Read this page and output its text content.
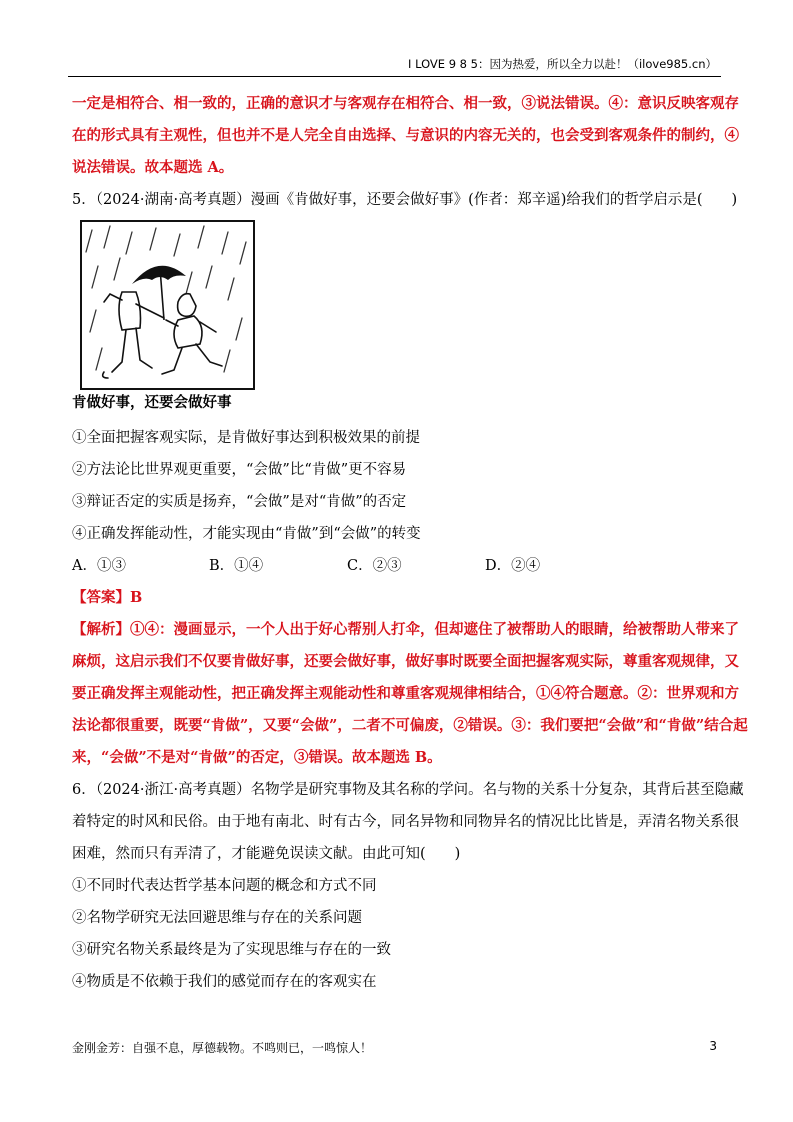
I LOVE 9 8 5：因为热爱，所以全力以赴！（ilove985.cn）
一定是相符合、相一致的，正确的意识才与客观存在相符合、相一致，③说法错误。④：意识反映客观存
在的形式具有主观性，但也并不是人完全自由选择、与意识的内容无关的，也会受到客观条件的制约，④
说法错误。故本题选 A。
5．（2024·湖南·高考真题）漫画《肯做好事，还要会做好事》(作者：郑辛遥)给我们的哲学启示是(　　)
肯做好事，还要会做好事
①全面把握客观实际，是肯做好事达到积极效果的前提
②方法论比世界观更重要，“会做”比“肯做”更不容易
③辩证否定的实质是扬弃，“会做”是对“肯做”的否定
④正确发挥能动性，才能实现由“肯做”到“会做”的转变
A．①③	B．①④	C．②③	D．②④
【答案】B
【解析】①④：漫画显示，一个人出于好心帮别人打伞，但却遮住了被帮助人的眼睛，给被帮助人带来了
麻烦，这启示我们不仅要肯做好事，还要会做好事，做好事时既要全面把握客观实际，尊重客观规律，又
要正确发挥主观能动性，把正确发挥主观能动性和尊重客观规律相结合，①④符合题意。②：世界观和方
法论都很重要，既要“肯做”，又要“会做”，二者不可偏废，②错误。③：我们要把“会做”和“肯做”结合起
来，“会做”不是对“肯做”的否定，③错误。故本题选 B。
6．（2024·浙江·高考真题）名物学是研究事物及其名称的学问。名与物的关系十分复杂，其背后甚至隐藏
着特定的时风和民俗。由于地有南北、时有古今，同名异物和同物异名的情况比比皆是，弄清名物关系很
困难，然而只有弄清了，才能避免误读文献。由此可知(　　)
①不同时代表达哲学基本问题的概念和方式不同
②名物学研究无法回避思维与存在的关系问题
③研究名物关系最终是为了实现思维与存在的一致
④物质是不依赖于我们的感觉而存在的客观实在
金刚金芳：自强不息，厚德载物。不鸣则已，一鸣惊人！	3
